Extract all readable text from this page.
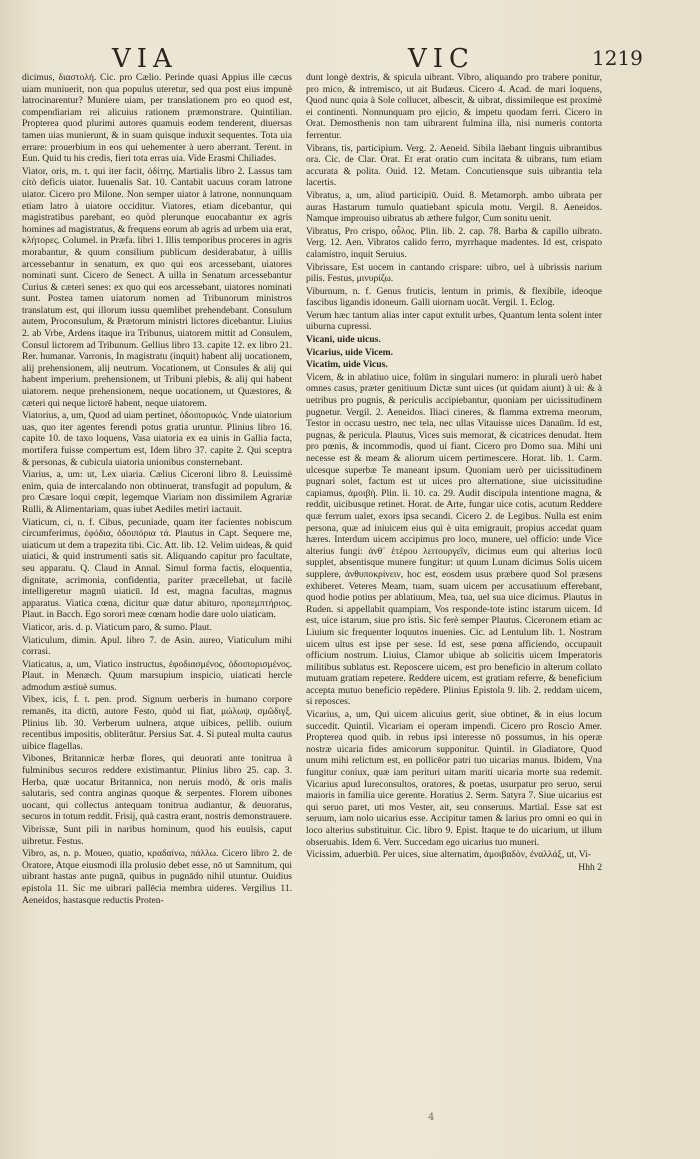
VIA	VIC	1219

dicimus, διαστολή. Cic. pro Cælio. Perinde quasi Appius ille cæcus uiam muniuerit, non qua populus uteretur, sed qua post eius impunè latrocinarentur? Muniere uiam, per translationem pro eo quod est, compendiariam rei alicuius rationem præmonstrare. Quintilian. Propterea quod plurimi autores quamuis eodem tenderent, diuersas tamen uias munierunt, & in suam quisque induxit sequentes. Tota uia errare: prouerbium in eos qui uehementer à uero aberrant. Terent. in Eun. Quid tu his credis, fieri tota erras uia. Vide Erasmi Chiliades.

Viator, oris, m. t. qui iter facit, ὁδίτης. Martialis libro 2. Lassus tam citò deficis uiator. Iuuenalis Sat. 10. Cantabit uacuus coram latrone uiator. Cicero pro Milone. Non semper uiator à latrone, nonnunquam etiam latro à uiatore occiditur. Viatores, etiam dicebantur, qui magistratibus parebant, eo quòd plerunque euocabantur ex agris homines ad magistratus, & frequens eorum ab agris ad urbem uia erat, κλήτορες. Columel. in Præfa. libri 1. Illis temporibus proceres in agris morabantur, & quum consilium publicum desiderabatur, à uillis arcessebantur in senatum, ex quo qui eos arcessebant, uiatores nominati sunt. Cicero de Senect. A uilla in Senatum arcessebantur Curius & cæteri senes: ex quo qui eos arcessebant, uiatores nominati sunt. Postea tamen uiatorum nomen ad Tribunorum ministros translatum est, qui illorum iussu quemlibet prehendebant. Consulum autem, Proconsulum, & Prætorum ministri lictores dicebantur. Liuius 2. ab Vrbe, Ardens itaque ira Tribunus, uiatorem mittit ad Consulem, Consul lictorem ad Tribunum. Gellius libro 13. capite 12. ex libro 21. Rer. humanar. Varronis, In magistratu (inquit) habent alij uocationem, alij prehensionem, alij neutrum. Vocationem, ut Consules & alij qui habent imperium. prehensionem, ut Tribuni plebis, & alij qui habent uiatorem. neque prehensionem, neque uocationem, ut Quæstores, & cæteri qui neque lictorē habent, neque uiatorem.

Viatorius, a, um, Quod ad uiam pertinet, ὁδοιπορικός. Vnde uiatorium uas, quo iter agentes ferendi potus gratia uruntur. Plinius libro 16. capite 10. de taxo loquens, Vasa uiatoria ex ea uinis in Gallia facta, mortifera fuisse compertum est, Idem libro 37. capite 2. Qui sceptra & personas, & cubicula uiatoria unionibus consternebant.

Viarius, a, um: ut, Lex uiaria. Cælius Ciceroni libro 8. Leuissimè enim, quia de intercalando non obtinuerat, transfugit ad populum, & pro Cæsare loqui cœpit, legemque Viariam non dissimilem Agrariæ Rulli, & Alimentariam, quas iubet Aediles metiri iactauit.

Viaticum, ci, n. f. Cibus, pecuniade, quam iter facientes nobiscum circumferimus, ἐφόδια, ὁδοιπόρια τά. Plautus in Capt. Sequere me, uiaticum ut dem a trapezita tibi. Cic. Att. lib. 12. Velim uideas, & quid uiatici, & quid instrumenti satis sit. Aliquando capitur pro facultate, seu apparatu. Q. Claud in Annal. Simul forma factis, eloquentia, dignitate, acrimonia, confidentia, pariter præcellebat, ut facilè intelligeretur magnū uiaticū. Id est, magna facultas, magnus apparatus. Viatica cœna, dicitur quæ datur abituro, προπεμπτήριος. Plaut. in Bacch. Ego sororì meæ cœnam hodie dare uolo uiaticam.

Viaticor, aris. d. p. Viaticum paro, & sumo. Plaut.

Viaticulum, dimin. Apul. libro 7. de Asin. aureo, Viaticulum mihi corrasi.

Viaticatus, a, um, Viatico instructus, ἐφοδιασμένος, ὁδοιπορισμένος. Plaut. in Menæch. Quum marsupium inspicio, uiaticati hercle admodum æstiuè sumus.

Vibex, icis, f. t. pen. prod. Signum uerberis in humano corpore remanēs, ita dictū, autore Festo, quòd ui fiat, μώλωψ, σμῶδιγξ. Plinius lib. 30. Verberum uulnera, atque uibices, pellib. ouium recentibus impositis, obliterātur. Persius Sat. 4. Si puteal multa cautus uibice flagellas.

Vibones, Britannicæ herbæ flores, qui deuorati ante tonitrua à fulminibus securos reddere existimantur. Plinius libro 25. cap. 3. Herba, quæ uocatur Britannica, non neruis modò, & oris malis salutaris, sed contra anginas quoque & serpentes. Florem uibones uocant, qui collectus antequam tonitrua audiantur, & deuoratus, securos in totum reddit. Frisij, quà castra erant, nostris demonstrauere.

Vibrissæ, Sunt pili in naribus hominum, quod his euulsis, caput uibretur. Festus.

Vibro, as, n. p. Moueo, quatio, κραδαίνω, πάλλω. Cicero libro 2. de Oratore, Atque eiusmodi illa prolusio debet esse, nō ut Samnitum, qui uibrant hastas ante pugnā, quibus in pugnādo nihil utuntur. Ouidius epistola 11. Sic me uibrari pallēcia membra uideres. Vergilius 11. Aeneidos, hastasque reductis Proten-

dunt longè dextris, & spicula uibrant. Vibro, aliquando pro trabere ponitur, pro mico, & intremisco, ut ait Budæus. Cicero 4. Acad. de mari loquens, Quod nunc quia à Sole collucet, albescit, & uibrat, dissimileque est proximè ei continenti. Nonnunquam pro ejicio, & impetu quodam ferri. Cicero in Orat. Demosthenis non tam uibrarent fulmina illa, nisi numeris contorta ferrentur.

Vibrans, tis, participium. Verg. 2. Aeneid. Sibila lāebant linguis uibrantibus ora. Cic. de Clar. Orat. Et erat oratio cum incitata & uibrans, tum etiam accurata & polita. Ouid. 12. Metam. Concutiensque suis uibrantia tela lacertis.

Vibratus, a, um, aliud participiū. Ouid. 8. Metamorph. ambo uibrata per auras Hastarum tumulo quatiebant spicula motu. Vergil. 8. Aeneidos. Namque improuiso uibratus ab æthere fulgor, Cum sonitu uenit.

Vibratus, Pro crispo, οὖλος. Plin. lib. 2. cap. 78. Barba & capillo uibrato. Verg. 12. Aen. Vibratos calido ferro, myrrhaque madentes. Id est, crispato calamistro, inquit Seruius.

Vibrissare, Est uocem in cantando crispare: uibro, uel à uibrissis narium pilis. Festus, μινυρίζω.

Viburnum, n. f. Genus fruticis, lentum in primis, & flexibile, ideoque fascibus ligandis idoneum. Galli uiornam uocāt. Vergil. 1. Eclog.

Verum hæc tantum alias inter caput extulit urbes, Quantum lenta solent inter uiburna cupressi.

Vicani, uide uicus.

Vicarius, uide Vicem.

Vicatim, uide Vicus.

Vicem, & in ablatiuo uice, folūm in singulari numero: in plurali uerò habet omnes casus, præter genitiuum Dictæ sunt uices (ut quidam aiunt) à ui: & à uetribus pro pugnis, & periculis accipiebantur, quoniam per uicissitudinem pugnetur. Vergil. 2. Aeneidos. Iliaci cineres, & flamma extrema meorum, Testor in occasu uestro, nec tela, nec ullas Vitauisse uices Danaūm. Id est, pugnas, & pericula. Plautus, Vices suis memorat, & cicatrices denudat. Item pro pœnis, & incommodis, quod ui fiant. Cicero pro Domo sua. Mihi uni necesse est & meam & aliorum uicem pertimescere. Horat. lib. 1. Carm. ulcesque superbæ Te maneant ipsum. Quoniam uerò per uicissitudinem pugnari solet, factum est ut uices pro alternatione, siue uicissitudine capiamus, ἀμοιβὴ. Plin. li. 10. ca. 29. Audit discipula intentione magna, & reddit, uicibusque retinet. Horat. de Arte, fungar uice cotis, acutum Reddere quæ ferrum ualet, exors ipsa secandi. Cicero 2. de Legibus. Nulla est enim persona, quæ ad iniuicem eius quì è uita emigrauit, propius accedat quam hæres. Interdum uicem accipimus pro loco, munere, uel officio: unde Vice alterius fungi: ἀνθ᾽ ἑτέρου λειτουργεῖν, dicimus eum qui alterius locū supplet, absentisque munere fungitur: ut quum Lunam dicimus Solis uicem supplere, ἀνθυποκρίνειν, hoc est, eosdem usus præbere quod Sol præsens exhiberet. Veteres Meam, tuam, suam uicem per accusatiuum efferebant, quod hodie potius per ablatiuum, Mea, tua, uel sua uice dicimus. Plautus in Ruden. si appellabit quampiam, Vos responde-tote istinc istarum uicem. Id est, uice istarum, siue pro istis. Sic ferè semper Plautus. Ciceronem etiam ac Liuium sic frequenter loquutos inuenies. Cic. ad Lentulum lib. 1. Nostram uicem ultus est ipse per sese. Id est, sese pœna afficiendo, occupauit officium nostrum. Liuius, Clamor ubique ab solicitis uicem Imperatoris militibus sublatus est. Reposcere uicem, est pro beneficio in alterum collato mutuam gratiam repetere. Reddere uicem, est gratiam referre, & beneficium accepta mutuo beneficio repēdere. Plinius Epistola 9. lib. 2. reddam uicem, si reposces.

Vicarius, a, um, Qui uicem alicuius gerit, siue obtinet, & in eius locum succedit. Quintil. Vicariam ei operam impendi. Cicero pro Roscio Amer. Propterea quod quib. in rebus ipsi interesse nō possumus, in his operæ nostræ uicaria fides amicorum supponitur. Quintil. in Gladiatore, Quod unum mihi relictum est, en pollicēor patri tuo uicarias manus. Ibidem, Vna fungitur coniux, quæ iam perituri uitam mariti uicaria morte sua redemit. Vicarius apud Iureconsultos, oratores, & poetas, usurpatur pro seruo, serui maioris in familia uice gerente. Horatius 2. Serm. Satyra 7. Siue uicarius est qui seruo paret, uti mos Vester, ait, seu conseruus. Martial. Esse sat est seruum, iam nolo uicarius esse. Accipitur tamen & larius pro omni eo qui in loco alterius substituitur. Cic. libro 9. Epist. Itaque te do uicarium, ut illum obseruabis. Idem 6. Verr. Succedam ego uicarius tuo muneri.

Vicissim, aduerbiū. Per uices, siue alternatim, ἀμοιβαδὸν, ἐναλλάξ, ut, Vi-

Hhh 2

4
